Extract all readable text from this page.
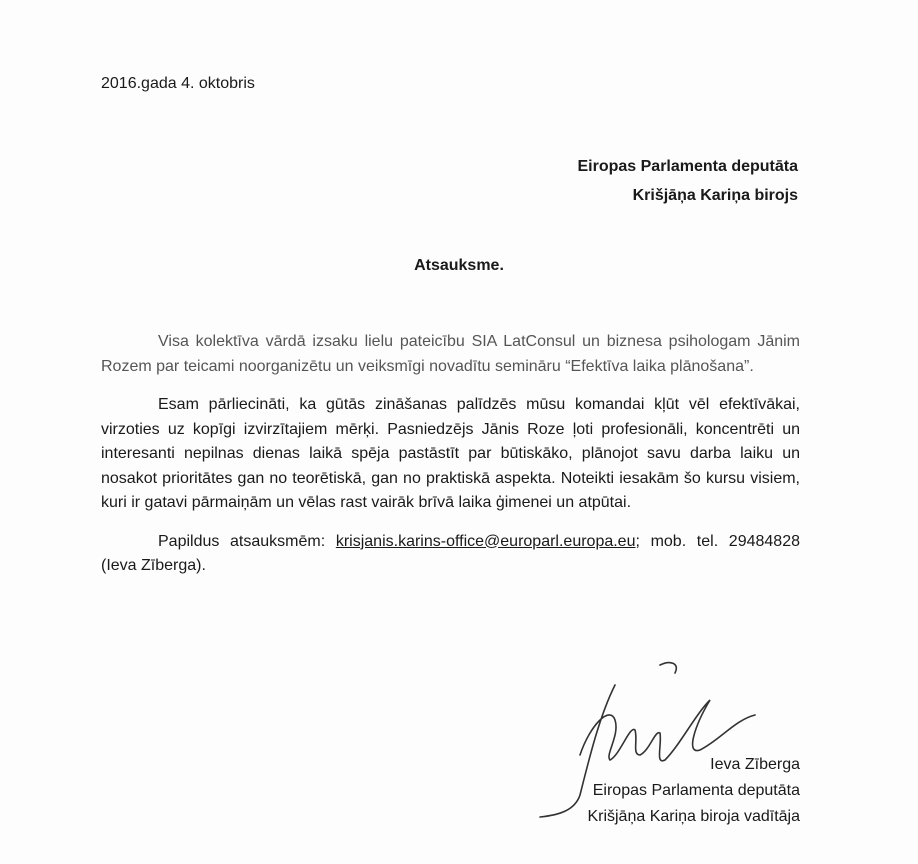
2016.gada 4. oktobris
Eiropas Parlamenta deputāta
Krišjāņa Kariņa birojs
Atsauksme.

Visa kolektīva vārdā izsaku lielu pateicību SIA LatConsul un biznesa psihologam Jānim Rozem par teicami noorganizētu un veiksmīgi novadītu semināru “Efektīva laika plānošana”.

Esam pārliecināti, ka gūtās zināšanas palīdzēs mūsu komandai kļūt vēl efektīvākai, virzoties uz kopīgi izvirzītajiem mērķi. Pasniedzējs Jānis Roze ļoti profesionāli, koncentrēti un interesanti nepilnas dienas laikā spēja pastāstīt par būtiskāko, plānojot savu darba laiku un nosakot prioritātes gan no teorētiskā, gan no praktiskā aspekta. Noteikti iesakām šo kursu visiem, kuri ir gatavi pārmaiņām un vēlas rast vairāk brīvā laika ģimenei un atpūtai.

Papildus atsauksmēm: krisjanis.karins-office@europarl.europa.eu; mob. tel. 29484828 (Ieva Zīberga).

Ieva Zīberga
Eiropas Parlamenta deputāta
Krišjāņa Kariņa biroja vadītāja
